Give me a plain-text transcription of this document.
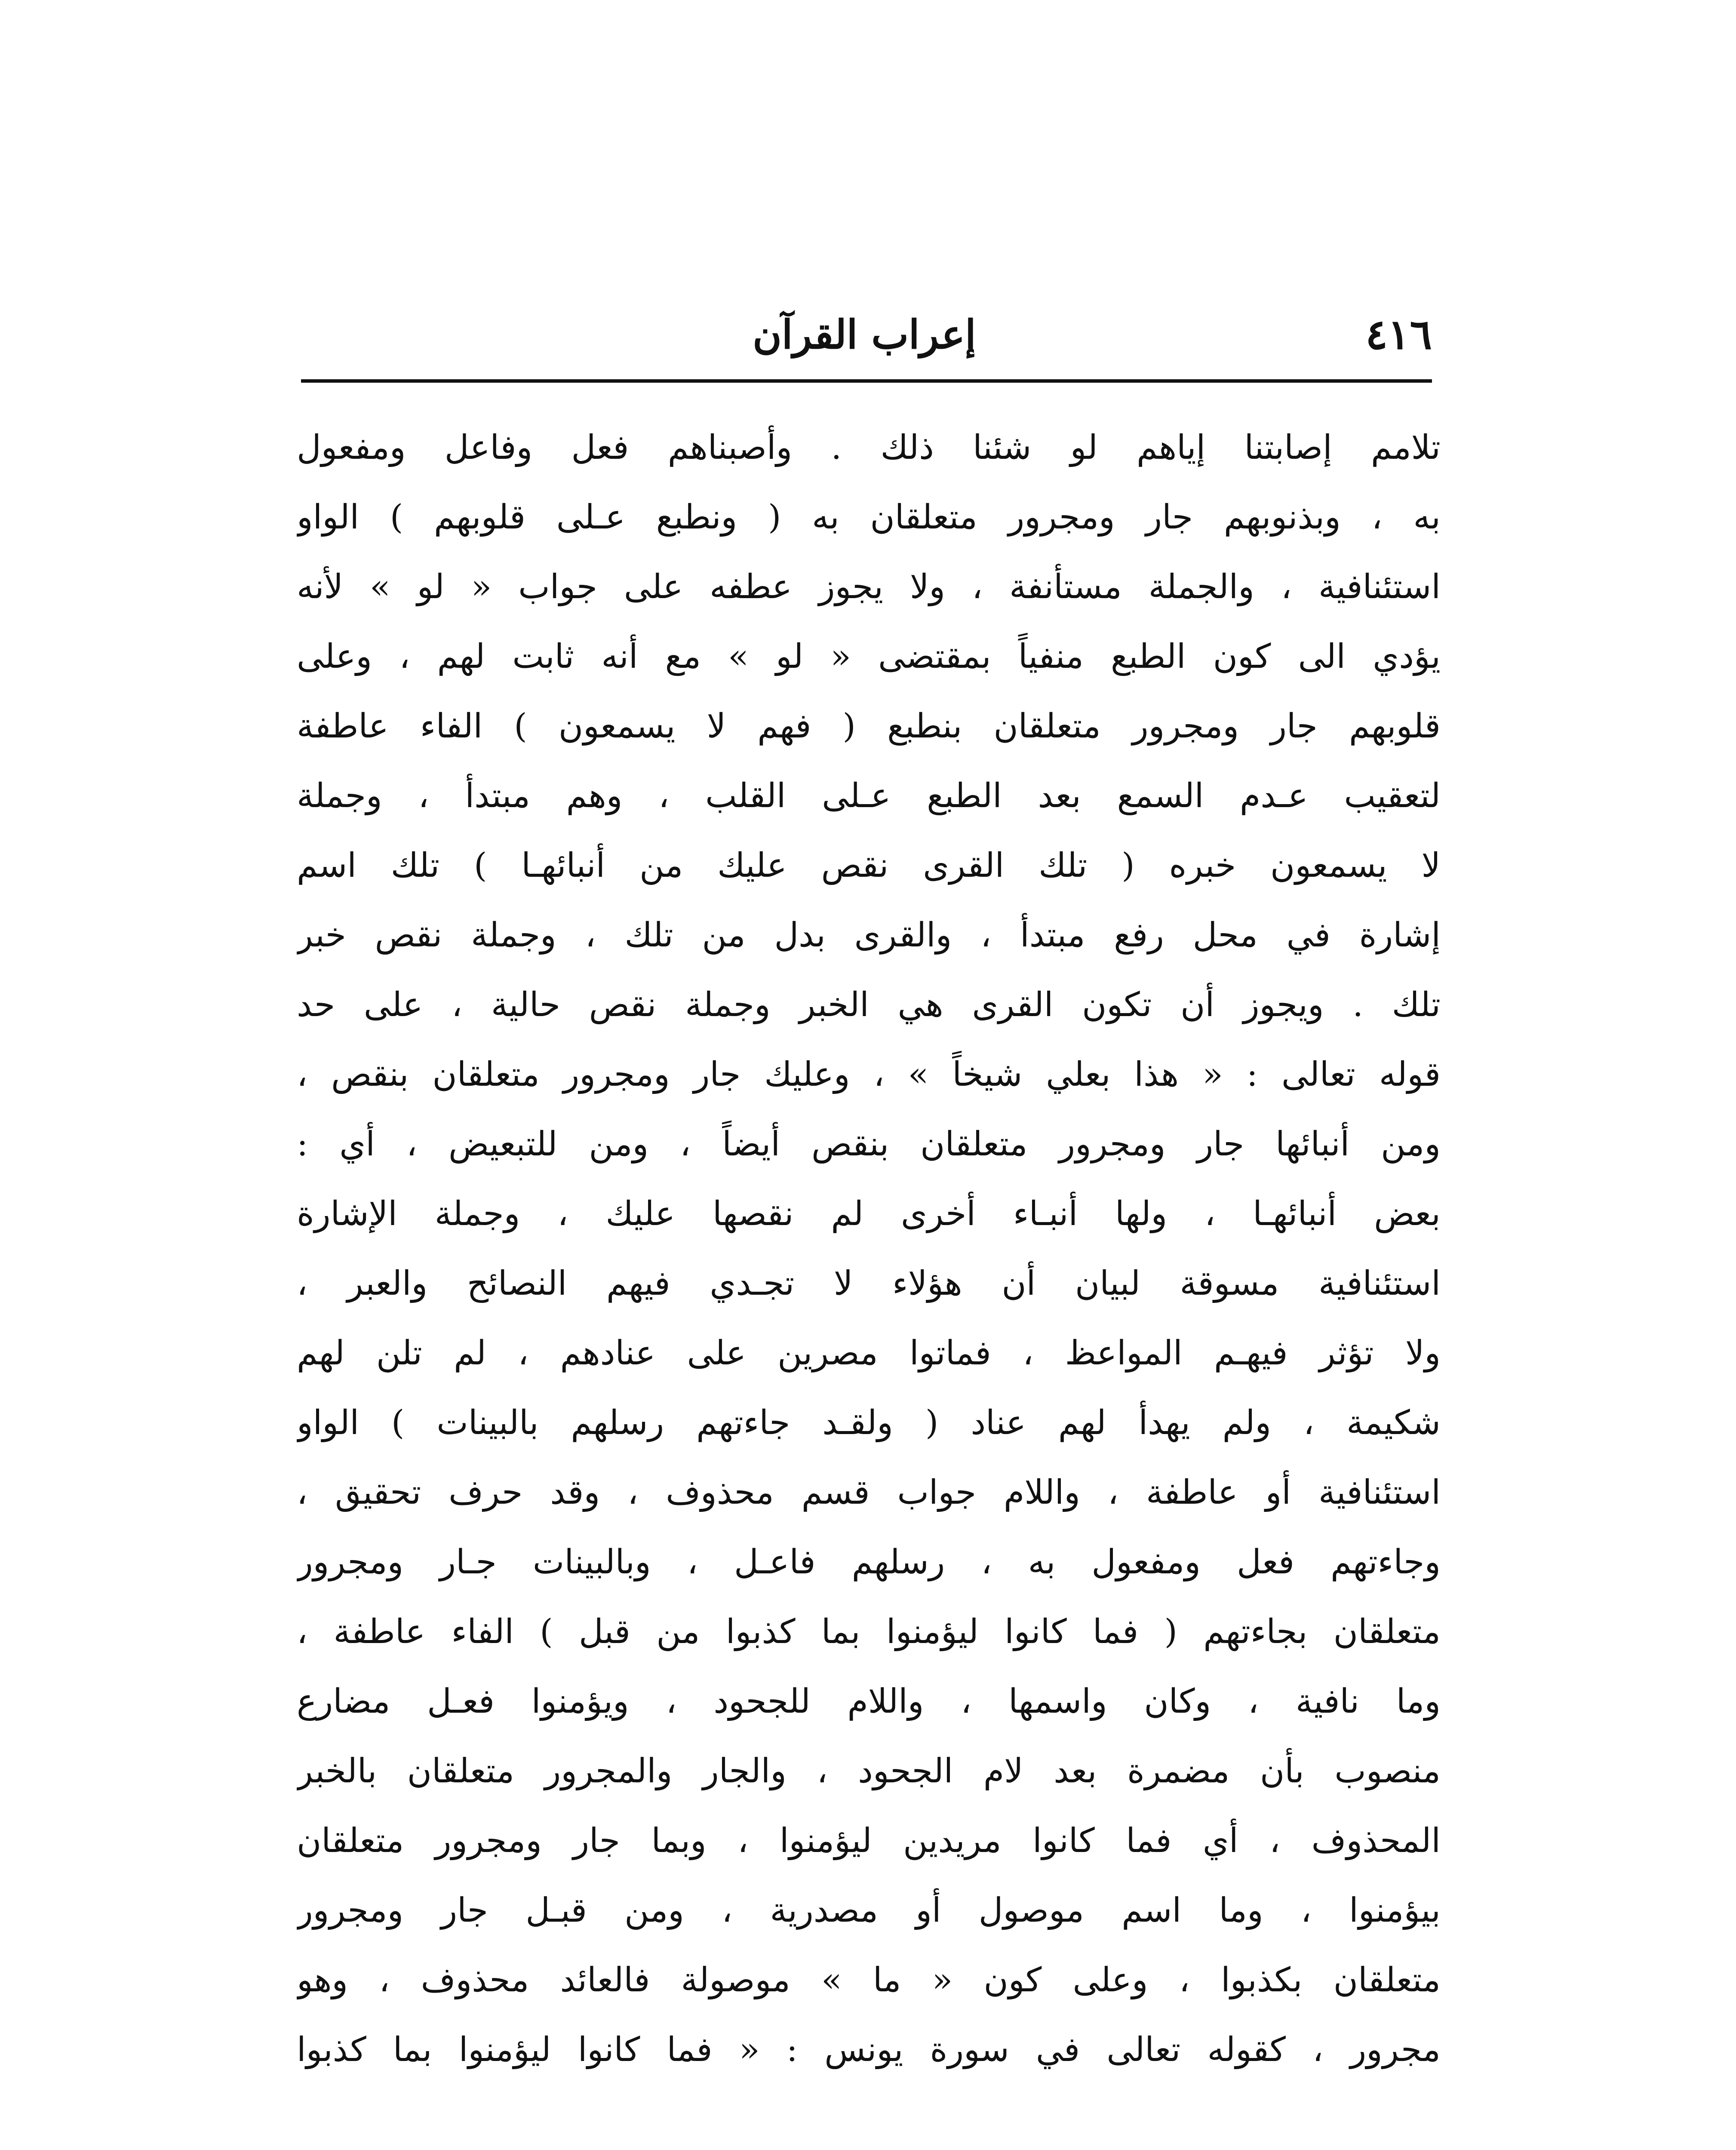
٤١٦
إعراب القرآن
تلامم إصابتنا إياهم لو شئنا ذلك . وأصبناهم فعل وفاعل ومفعول
به ، وبذنوبهم جار ومجرور متعلقان به ( ونطبع عـلى قلوبهم ) الواو
استئنافية ، والجملة مستأنفة ، ولا يجوز عطفه على جواب « لو » لأنه
يؤدي الى كون الطبع منفياً بمقتضى « لو » مع أنه ثابت لهم ، وعلى
قلوبهم جار ومجرور متعلقان بنطبع ( فهم لا يسمعون ) الفاء عاطفة
لتعقيب عـدم السمع بعد الطبع عـلى القلب ، وهم مبتدأ ، وجملة
لا يسمعون خبره ( تلك القرى نقص عليك من أنبائهـا ) تلك اسم
إشارة في محل رفع مبتدأ ، والقرى بدل من تلك ، وجملة نقص خبر
تلك . ويجوز أن تكون القرى هي الخبر وجملة نقص حالية ، على حد
قوله تعالى : « هذا بعلي شيخاً » ، وعليك جار ومجرور متعلقان بنقص ،
ومن أنبائها جار ومجرور متعلقان بنقص أيضاً ، ومن للتبعيض ، أي :
بعض أنبائهـا ، ولها أنبـاء أخرى لم نقصها عليك ، وجملة الإشارة
استئنافية مسوقة لبيان أن هؤلاء لا تجـدي فيهم النصائح والعبر ،
ولا تؤثر فيهـم المواعظ ، فماتوا مصرين على عنادهم ، لم تلن لهم
شكيمة ، ولم يهدأ لهم عناد ( ولقـد جاءتهم رسلهم بالبينات ) الواو
استئنافية أو عاطفة ، واللام جواب قسم محذوف ، وقد حرف تحقيق ،
وجاءتهم فعل ومفعول به ، رسلهم فاعـل ، وبالبينات جـار ومجرور
متعلقان بجاءتهم ( فما كانوا ليؤمنوا بما كذبوا من قبل ) الفاء عاطفة ،
وما نافية ، وكان واسمها ، واللام للجحود ، ويؤمنوا فعـل مضارع
منصوب بأن مضمرة بعد لام الجحود ، والجار والمجرور متعلقان بالخبر
المحذوف ، أي فما كانوا مريدين ليؤمنوا ، وبما جار ومجرور متعلقان
بيؤمنوا ، وما اسم موصول أو مصدرية ، ومن قبـل جار ومجرور
متعلقان بكذبوا ، وعلى كون « ما » موصولة فالعائد محذوف ، وهو
مجرور ، كقوله تعالى في سورة يونس : « فما كانوا ليؤمنوا بما كذبوا
